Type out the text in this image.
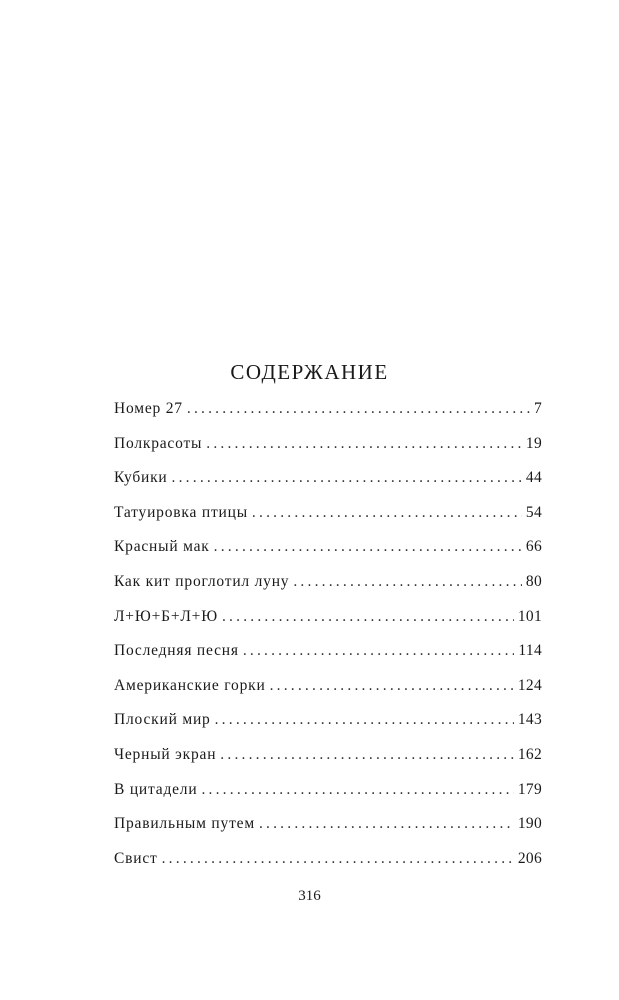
СОДЕРЖАНИЕ
Номер 27 .....	7
Полкрасоты .....	19
Кубики .....	44
Татуировка птицы .....	54
Красный мак .....	66
Как кит проглотил луну .....	80
Л+Ю+Б+Л+Ю .....	101
Последняя песня .....	114
Американские горки .....	124
Плоский мир .....	143
Черный экран .....	162
В цитадели .....	179
Правильным путем .....	190
Свист .....	206
316
